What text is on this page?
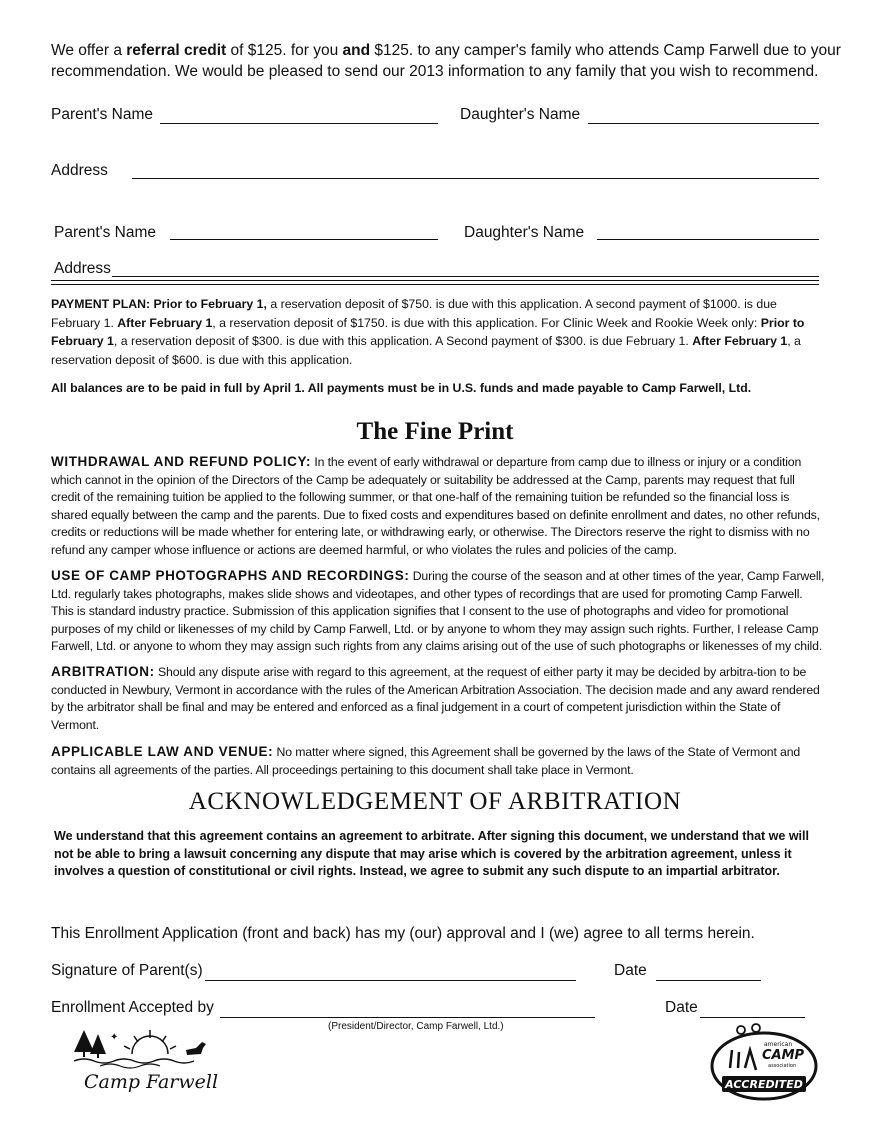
We offer a referral credit of $125. for you and $125. to any camper's family who attends Camp Farwell due to your recommendation. We would be pleased to send our 2013 information to any family that you wish to recommend.
Parent's Name	Daughter's Name
Address
Parent's Name	Daughter's Name
Address
PAYMENT PLAN: Prior to February 1, a reservation deposit of $750. is due with this application. A second payment of $1000. is due February 1. After February 1, a reservation deposit of $1750. is due with this application. For Clinic Week and Rookie Week only: Prior to February 1, a reservation deposit of $300. is due with this application. A Second payment of $300. is due February 1. After February 1, a reservation deposit of $600. is due with this application.
All balances are to be paid in full by April 1. All payments must be in U.S. funds and made payable to Camp Farwell, Ltd.
The Fine Print
WITHDRAWAL AND REFUND POLICY: In the event of early withdrawal or departure from camp due to illness or injury or a condition which cannot in the opinion of the Directors of the Camp be adequately or suitability be addressed at the Camp, parents may request that full credit of the remaining tuition be applied to the following summer, or that one-half of the remaining tuition be refunded so the financial loss is shared equally between the camp and the parents. Due to fixed costs and expenditures based on definite enrollment and dates, no other refunds, credits or reductions will be made whether for entering late, or withdrawing early, or otherwise. The Directors reserve the right to dismiss with no refund any camper whose influence or actions are deemed harmful, or who violates the rules and policies of the camp.
USE OF CAMP PHOTOGRAPHS AND RECORDINGS: During the course of the season and at other times of the year, Camp Farwell, Ltd. regularly takes photographs, makes slide shows and videotapes, and other types of recordings that are used for promoting Camp Farwell. This is standard industry practice. Submission of this application signifies that I consent to the use of photographs and video for promotional purposes of my child or likenesses of my child by Camp Farwell, Ltd. or by anyone to whom they may assign such rights. Further, I release Camp Farwell, Ltd. or anyone to whom they may assign such rights from any claims arising out of the use of such photographs or likenesses of my child.
ARBITRATION: Should any dispute arise with regard to this agreement, at the request of either party it may be decided by arbitra-tion to be conducted in Newbury, Vermont in accordance with the rules of the American Arbitration Association. The decision made and any award rendered by the arbitrator shall be final and may be entered and enforced as a final judgement in a court of competent jurisdiction within the State of Vermont.
APPLICABLE LAW AND VENUE: No matter where signed, this Agreement shall be governed by the laws of the State of Vermont and contains all agreements of the parties. All proceedings pertaining to this document shall take place in Vermont.
ACKNOWLEDGEMENT OF ARBITRATION
We understand that this agreement contains an agreement to arbitrate. After signing this document, we understand that we will not be able to bring a lawsuit concerning any dispute that may arise which is covered by the arbitration agreement, unless it involves a question of constitutional or civil rights. Instead, we agree to submit any such dispute to an impartial arbitrator.
This Enrollment Application (front and back) has my (our) approval and I (we) agree to all terms herein.
Signature of Parent(s)	Date
Enrollment Accepted by	Date
(President/Director, Camp Farwell, Ltd.)
✦
Camp Farwell
american
CAMP
association
ACCREDITED
